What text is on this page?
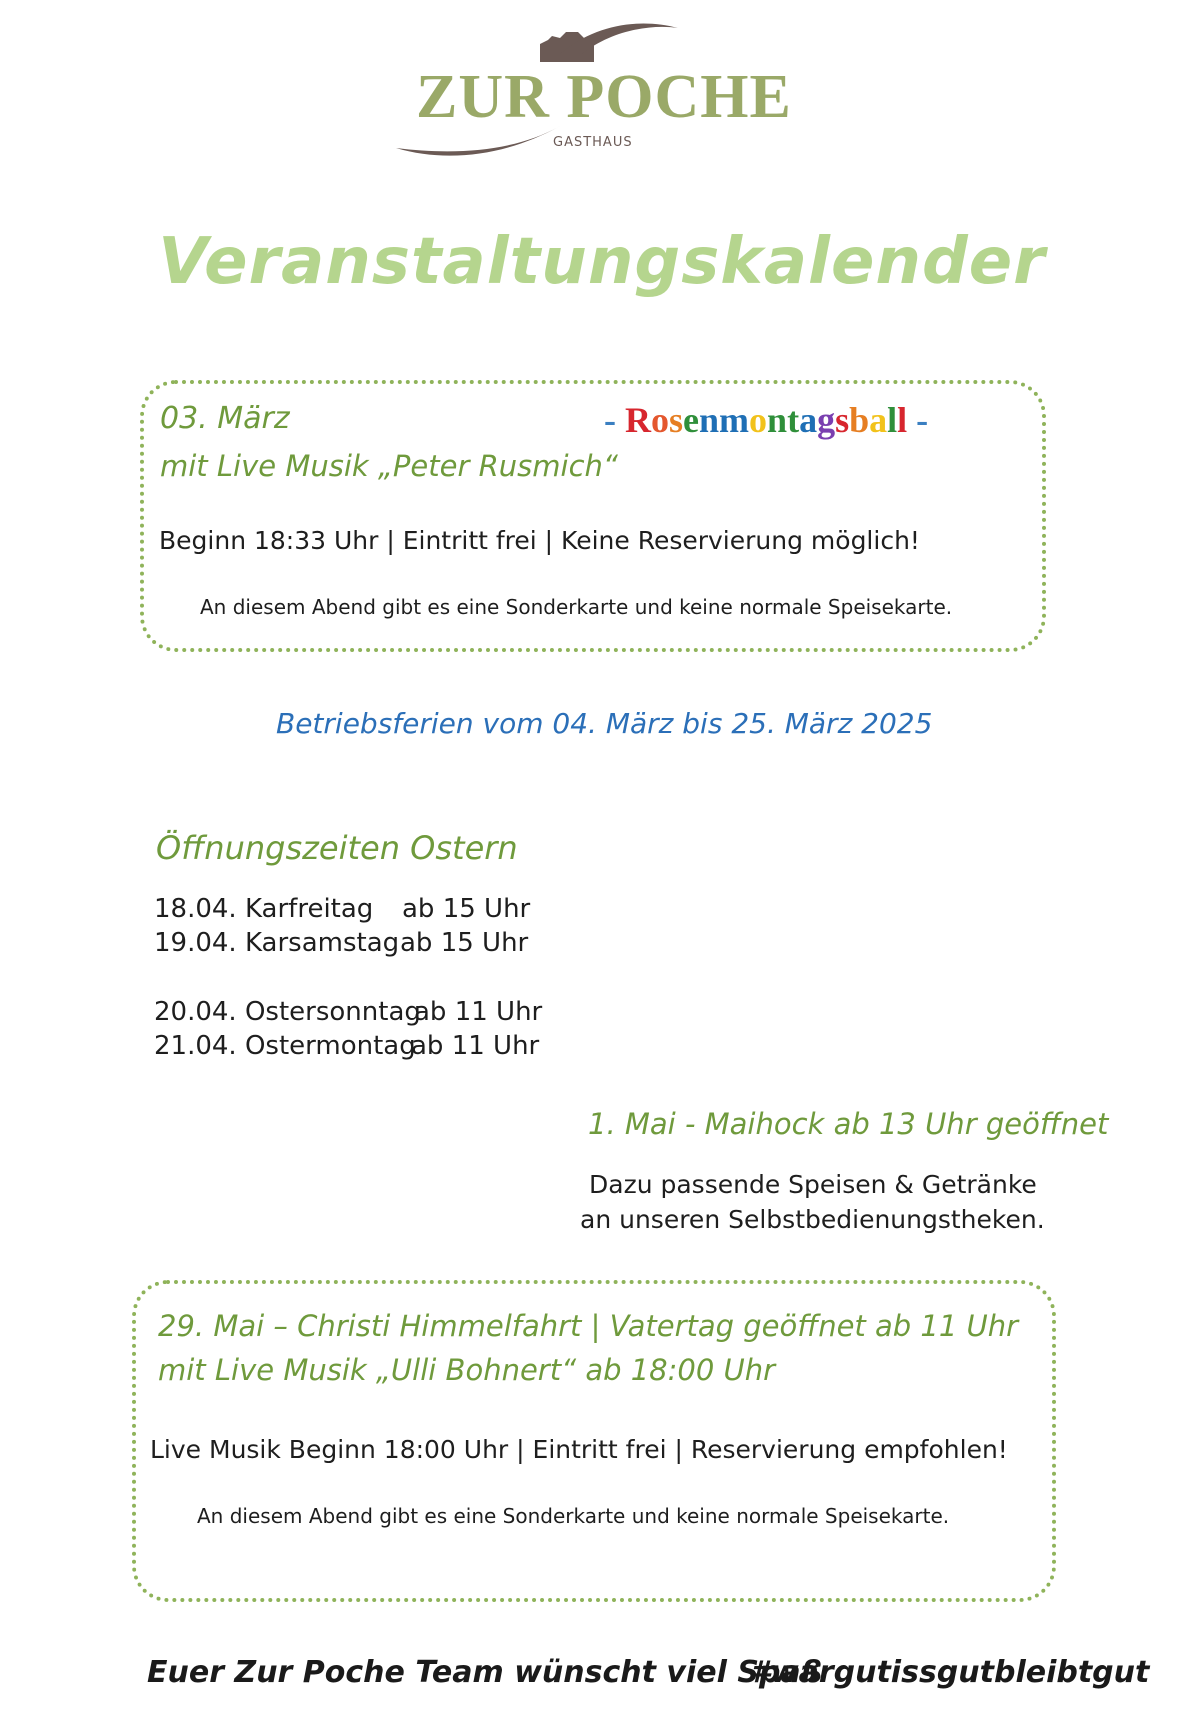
ZUR POCHE
GASTHAUS
Veranstaltungskalender
03. März	- Rosenmontagsball -
mit Live Musik „Peter Rusmich“
Beginn 18:33 Uhr | Eintritt frei | Keine Reservierung möglich!
An diesem Abend gibt es eine Sonderkarte und keine normale Speisekarte.
Betriebsferien vom 04. März bis 25. März 2025
Öffnungszeiten Ostern
18.04. Karfreitag ab 15 Uhr
19.04. Karsamstag ab 15 Uhr
20.04. Ostersonntag
ab 11 Uhr
21.04. Ostermontag
ab 11 Uhr
1. Mai - Maihock ab 13 Uhr geöffnet
Dazu passende Speisen & Getränke
an unseren Selbstbedienungstheken.
29. Mai – Christi Himmelfahrt | Vatertag geöffnet ab 11 Uhr
mit Live Musik „Ulli Bohnert“ ab 18:00 Uhr
Live Musik Beginn 18:00 Uhr | Eintritt frei | Reservierung empfohlen!
An diesem Abend gibt es eine Sonderkarte und keine normale Speisekarte.
Euer Zur Poche Team wünscht viel Spaß
#wargutissgutbleibtgut
